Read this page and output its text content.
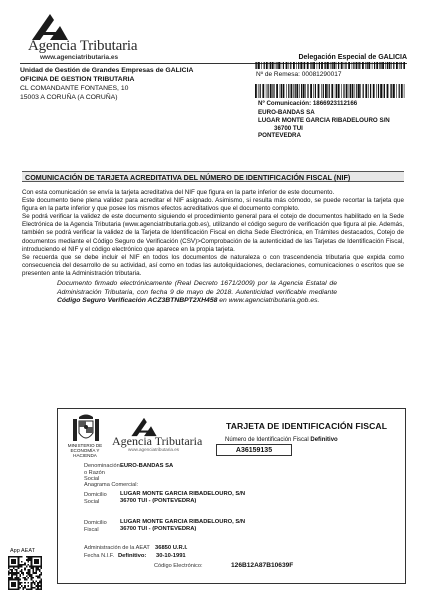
Agencia Tributaria
www.agenciatributaria.es	Delegación Especial de GALICIA
Unidad de Gestión de Grandes Empresas de GALICIA
OFICINA DE GESTION TRIBUTARIA
CL COMANDANTE FONTANES, 10
15003 A CORUÑA (A CORUÑA)
Nº de Remesa: 00081290017
Nº Comunicación: 1866923112166
EURO-BANDAS SA
LUGAR MONTE GARCIA RIBADELOURO S/N
36700 TUI
PONTEVEDRA
COMUNICACIÓN DE TARJETA ACREDITATIVA DEL NÚMERO DE IDENTIFICACIÓN FISCAL (NIF)

Con esta comunicación se envía la tarjeta acreditativa del NIF que figura en la parte inferior de este documento.

Este documento tiene plena validez para acreditar el NIF asignado. Asimismo, si resulta más cómodo, se puede recortar la tarjeta que figura en la parte inferior y que posee los mismos efectos acreditativos que el documento completo.

Se podrá verificar la validez de este documento siguiendo el procedimiento general para el cotejo de documentos habilitado en la Sede Electrónica de la Agencia Tributaria (www.agenciatributaria.gob.es), utilizando el código seguro de verificación que figura al pie. Además, también se podrá verificar la validez de la Tarjeta de Identificación Fiscal en dicha Sede Electrónica, en Trámites destacados, Cotejo de documentos mediante el Código Seguro de Verificación (CSV)>Comprobación de la autenticidad de las Tarjetas de Identificación Fiscal, introduciendo el NIF y el código electrónico que aparece en la propia tarjeta.

Se recuerda que se debe incluir el NIF en todos los documentos de naturaleza o con trascendencia tributaria que expida como consecuencia del desarrollo de su actividad, así como en todas las autoliquidaciones, declaraciones, comunicaciones o escritos que se presenten ante la Administración tributaria.

Documento firmado electrónicamente (Real Decreto 1671/2009) por la Agencia Estatal de Administración Tributaria, con fecha 9 de mayo de 2018. Autenticidad verificable mediante Código Seguro Verificación ACZ3BTNBPT2XH458 en www.agenciatributaria.gob.es.
MINISTERIO DE ECONOMÍA Y HACIENDA
Agencia Tributaria
www.agenciatributaria.es
TARJETA DE IDENTIFICACIÓN FISCAL
Número de Identificación Fiscal Definitivo
A36159135
Denominación o Razón Social
EURO-BANDAS SA
Anagrama Comercial:
Domicilio Social
LUGAR MONTE GARCIA RIBADELOURO, S/N
36700 TUI - (PONTEVEDRA)
Domicilio Fiscal
LUGAR MONTE GARCIA RIBADELOURO, S/N
36700 TUI - (PONTEVEDRA)
Administración de la AEAT 36850 U.R.I.
Fecha N.I.F. Definitivo: 30-10-1991
Código Electrónico:	126B12A87B10639F
App AEAT
